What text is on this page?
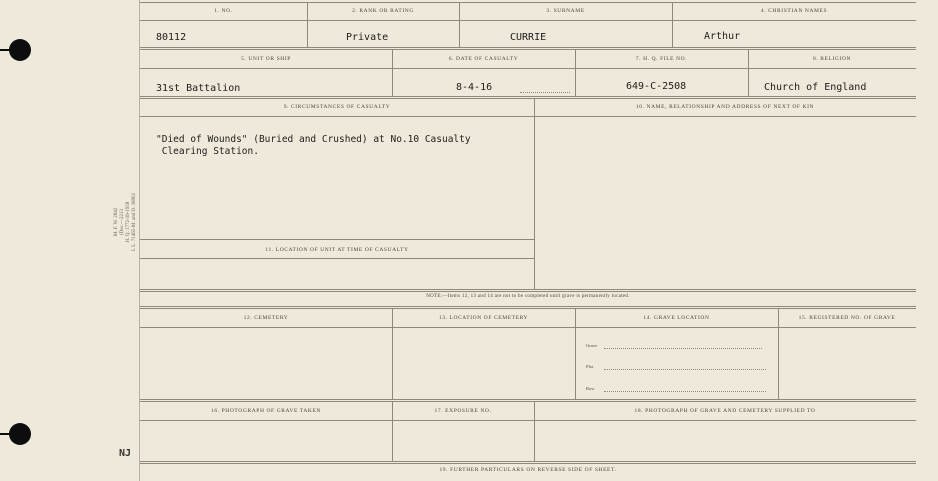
M. F. W. 2842 (Dec.—2213 H. Q. 1772-39-1958 I. L. 71465-M. and D. 36802
NJ
1. NO.	2. RANK OR RATING	3. SURNAME	4. CHRISTIAN NAMES
80112	Private	CURRIE	Arthur
5. UNIT OR SHIP	6. DATE OF CASUALTY	7. H. Q. FILE NO.	8. RELIGION
31st Battalion	8-4-16	649-C-2508	Church of England
9. CIRCUMSTANCES OF CASUALTY	10. NAME, RELATIONSHIP AND ADDRESS OF NEXT OF KIN
"Died of Wounds" (Buried and Crushed) at No.10 Casualty
Clearing Station.
11. LOCATION OF UNIT AT TIME OF CASUALTY
NOTE:—Items 12, 13 and 14 are not to be completed until grave is permanently located.
12. CEMETERY	13. LOCATION OF CEMETERY	14. GRAVE LOCATION	15. REGISTERED NO. OF GRAVE
Grave
Plot
Row
16. PHOTOGRAPH OF GRAVE TAKEN	17. EXPOSURE NO.	18. PHOTOGRAPH OF GRAVE AND CEMETERY SUPPLIED TO
19. FURTHER PARTICULARS ON REVERSE SIDE OF SHEET.
